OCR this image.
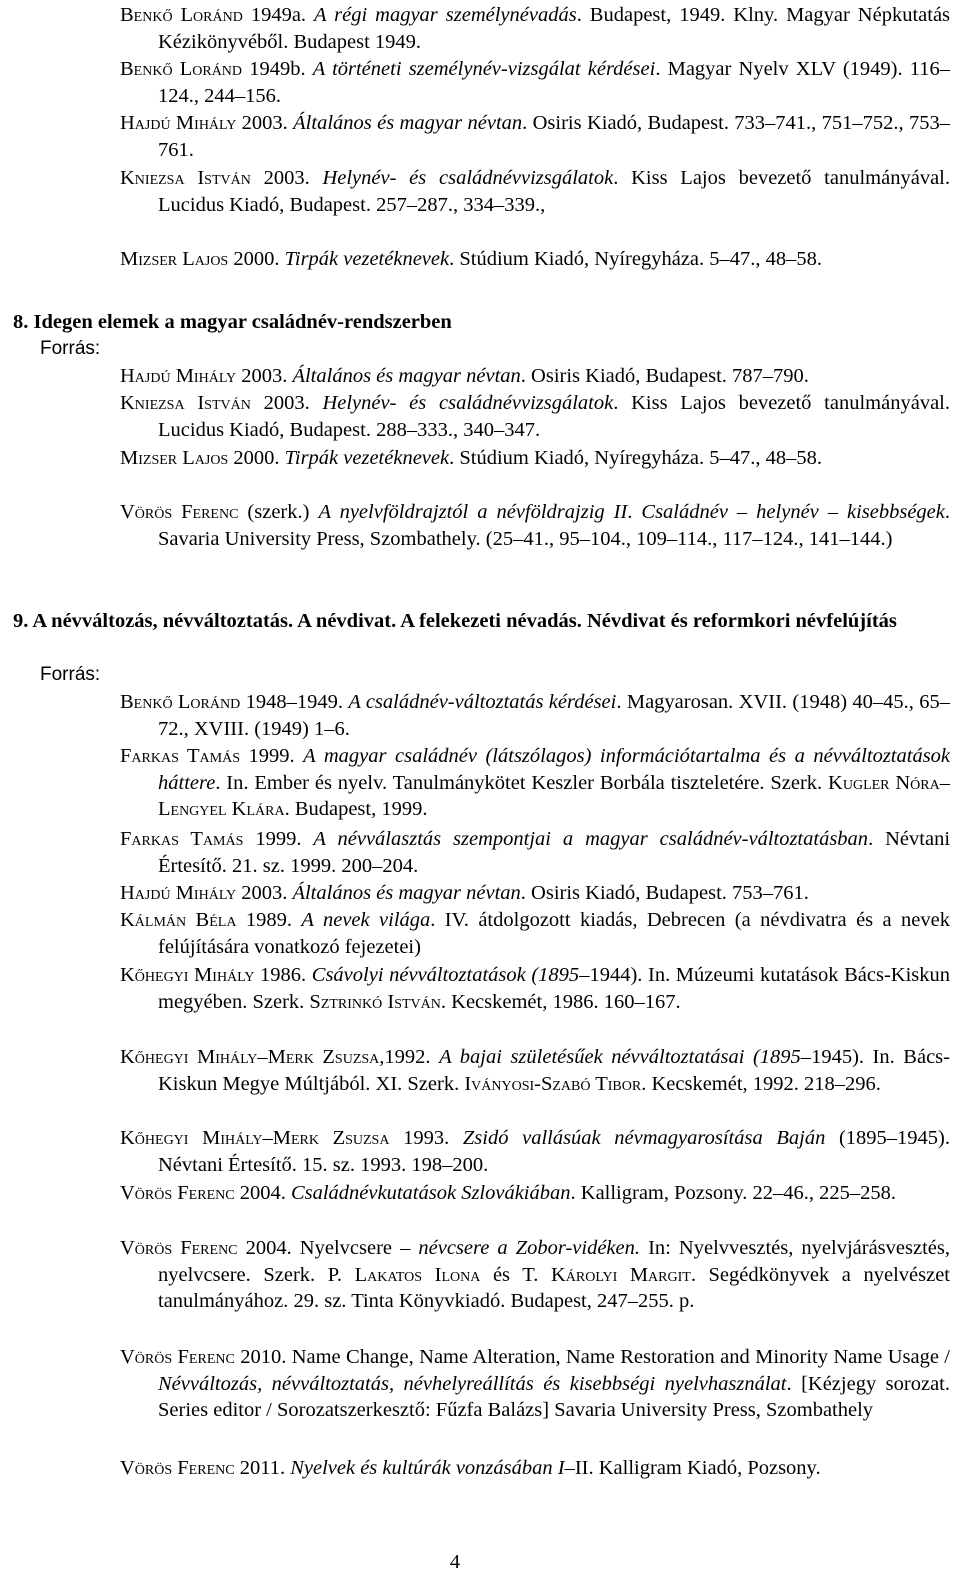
Benkő Loránd 1949a. A régi magyar személynévadás. Budapest, 1949. Klny. Magyar Népkutatás Kézikönyvéből. Budapest 1949.

Benkő Loránd 1949b. A történeti személynév-vizsgálat kérdései. Magyar Nyelv XLV (1949). 116–124., 244–156.

Hajdú Mihály 2003. Általános és magyar névtan. Osiris Kiadó, Budapest. 733–741., 751–752., 753–761.

Kniezsa István 2003. Helynév- és családnévvizsgálatok. Kiss Lajos bevezető tanulmányával. Lucidus Kiadó, Budapest. 257–287., 334–339.,

Mizser Lajos 2000. Tirpák vezetéknevek. Stúdium Kiadó, Nyíregyháza. 5–47., 48–58.

8. Idegen elemek a magyar családnév-rendszerben

Forrás:

Hajdú Mihály 2003. Általános és magyar névtan. Osiris Kiadó, Budapest. 787–790.

Kniezsa István 2003. Helynév- és családnévvizsgálatok. Kiss Lajos bevezető tanulmányával. Lucidus Kiadó, Budapest. 288–333., 340–347.

Mizser Lajos 2000. Tirpák vezetéknevek. Stúdium Kiadó, Nyíregyháza. 5–47., 48–58.

Vörös Ferenc (szerk.) A nyelvföldrajztól a névföldrajzig II. Családnév – helynév – kisebbségek. Savaria University Press, Szombathely. (25–41., 95–104., 109–114., 117–124., 141–144.)

9. A névváltozás, névváltoztatás. A névdivat. A felekezeti névadás. Névdivat és reformkori névfelújítás

Forrás:

Benkő Loránd 1948–1949. A családnév-változtatás kérdései. Magyarosan. XVII. (1948) 40–45., 65–72., XVIII. (1949) 1–6.

Farkas Tamás 1999. A magyar családnév (látszólagos) információtartalma és a névváltoztatások háttere. In. Ember és nyelv. Tanulmánykötet Keszler Borbála tiszteletére. Szerk. Kugler Nóra–Lengyel Klára. Budapest, 1999.

Farkas Tamás 1999. A névválasztás szempontjai a magyar családnév-változtatásban. Névtani Értesítő. 21. sz. 1999. 200–204.

Hajdú Mihály 2003. Általános és magyar névtan. Osiris Kiadó, Budapest. 753–761.

Kálmán Béla 1989. A nevek világa. IV. átdolgozott kiadás, Debrecen (a névdivatra és a nevek felújítására vonatkozó fejezetei)

Kőhegyi Mihály 1986. Csávolyi névváltoztatások (1895–1944). In. Múzeumi kutatások Bács-Kiskun megyében. Szerk. Sztrinkó István. Kecskemét, 1986. 160–167.

Kőhegyi Mihály–Merk Zsuzsa,1992. A bajai születésűek névváltoztatásai (1895–1945). In. Bács-Kiskun Megye Múltjából. XI. Szerk. Iványosi-Szabó Tibor. Kecskemét, 1992. 218–296.

Kőhegyi Mihály–Merk Zsuzsa 1993. Zsidó vallásúak névmagyarosítása Baján (1895–1945). Névtani Értesítő. 15. sz. 1993. 198–200.

Vörös Ferenc 2004. Családnévkutatások Szlovákiában. Kalligram, Pozsony. 22–46., 225–258.

Vörös Ferenc 2004. Nyelvcsere – névcsere a Zobor-vidéken. In: Nyelvvesztés, nyelvjárásvesztés, nyelvcsere. Szerk. P. Lakatos Ilona és T. Károlyi Margit. Segédkönyvek a nyelvészet tanulmányához. 29. sz. Tinta Könyvkiadó. Budapest, 247–255. p.

Vörös Ferenc 2010. Name Change, Name Alteration, Name Restoration and Minority Name Usage / Névváltozás, névváltoztatás, névhelyreállítás és kisebbségi nyelvhasználat. [Kézjegy sorozat. Series editor / Sorozatszerkesztő: Fűzfa Balázs] Savaria University Press, Szombathely

Vörös Ferenc 2011. Nyelvek és kultúrák vonzásában I–II. Kalligram Kiadó, Pozsony.

4
